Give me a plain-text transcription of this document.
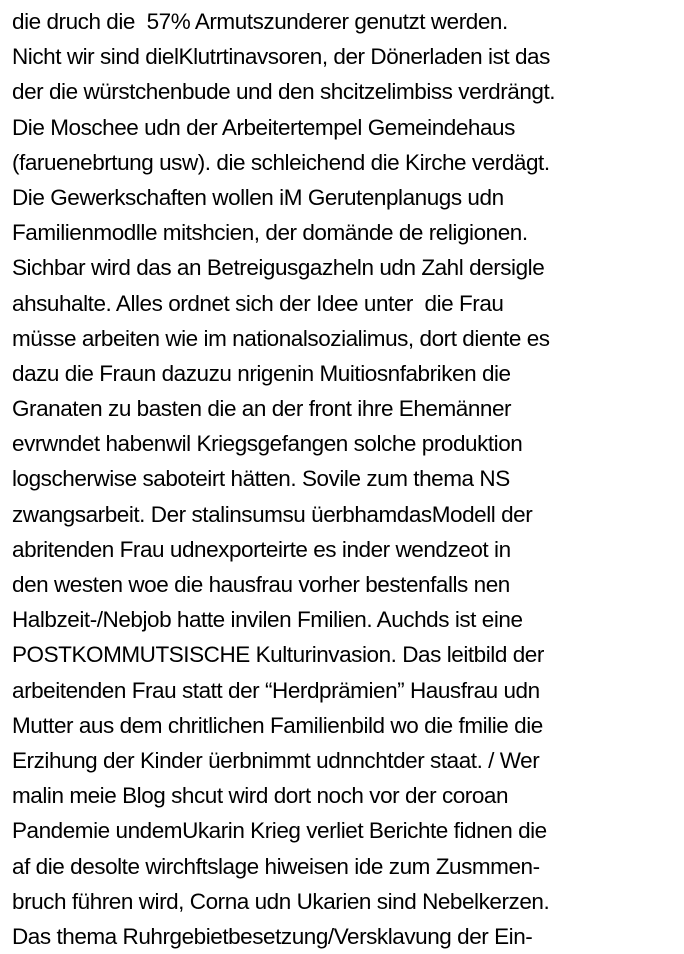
die druch die  57% Armutszunderer genutzt werden.
Nicht wir sind dielKlutrtinavsoren, der Dönerladen ist das
der die würstchenbude und den shcitzelimbiss verdrängt.
Die Moschee udn der Arbeitertempel Gemeindehaus
(faruenebrtung usw). die schleichend die Kirche verdägt.
Die Gewerkschaften wollen iM Gerutenplanugs udn
Familienmodlle mitshcien, der domände de religionen.
Sichbar wird das an Betreigusgazheln udn Zahl dersigle
ahsuhalte. Alles ordnet sich der Idee unter  die Frau
müsse arbeiten wie im nationalsozialimus, dort diente es
dazu die Fraun dazuzu nrigenin Muitiosnfabriken die
Granaten zu basten die an der front ihre Ehemänner
evrwndet habenwil Kriegsgefangen solche produktion
logscherwise saboteirt hätten. Sovile zum thema NS
zwangsarbeit. Der stalinsumsu üerbhamdasModell der
abritenden Frau udnexporteirte es inder wendzeot in
den westen woe die hausfrau vorher bestenfalls nen
Halbzeit-/Nebjob hatte invilen Fmilien. Auchds ist eine
POSTKOMMUTSISCHE Kulturinvasion. Das leitbild der
arbeitenden Frau statt der “Herdprämien” Hausfrau udn
Mutter aus dem chritlichen Familienbild wo die fmilie die
Erzihung der Kinder üerbnimmt udnnchtder staat. / Wer
malin meie Blog shcut wird dort noch vor der coroan
Pandemie undemUkarin Krieg verliet Berichte fidnen die
af die desolte wirchftslage hiweisen ide zum Zusmmen-
bruch führen wird, Corna udn Ukarien sind Nebelkerzen.
Das thema Ruhrgebietbesetzung/Versklavung der Ein-
